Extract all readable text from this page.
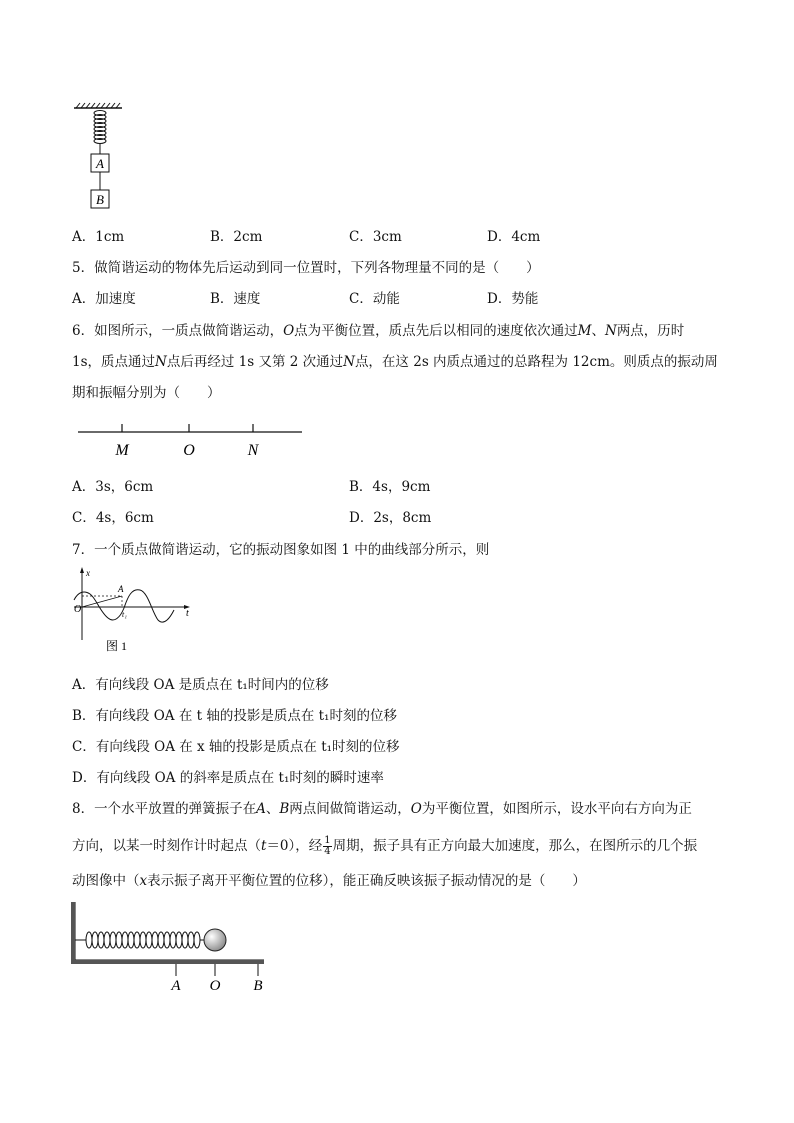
A
B
A．1cm	B．2cm	C．3cm	D．4cm
5．做简谐运动的物体先后运动到同一位置时，下列各物理量不同的是（　　）
A．加速度	B．速度	C．动能	D．势能
6．如图所示，一质点做简谐运动，O点为平衡位置，质点先后以相同的速度依次通过M、N两点，历时
1s，质点通过N点后再经过 1s 又第 2 次通过N点，在这 2s 内质点通过的总路程为 12cm。则质点的振动周
期和振幅分别为（　　）
M	O	N
A．3s，6cm	B．4s，9cm
C．4s，6cm	D．2s，8cm
7．一个质点做简谐运动，它的振动图象如图 1 中的曲线部分所示，则
x
t
O
A
t₁
图 1
A．有向线段 OA 是质点在 t₁时间内的位移
B．有向线段 OA 在 t 轴的投影是质点在 t₁时刻的位移
C．有向线段 OA 在 x 轴的投影是质点在 t₁时刻的位移
D．有向线段 OA 的斜率是质点在 t₁时刻的瞬时速率
8．一个水平放置的弹簧振子在A、B两点间做简谐运动，O为平衡位置，如图所示，设水平向右方向为正
方向，以某一时刻作计时起点（t＝0），经 $\frac{1}{4}$ 周期，振子具有正方向最大加速度，那么，在图所示的几个振
动图像中（x表示振子离开平衡位置的位移），能正确反映该振子振动情况的是（　　）
A O B
